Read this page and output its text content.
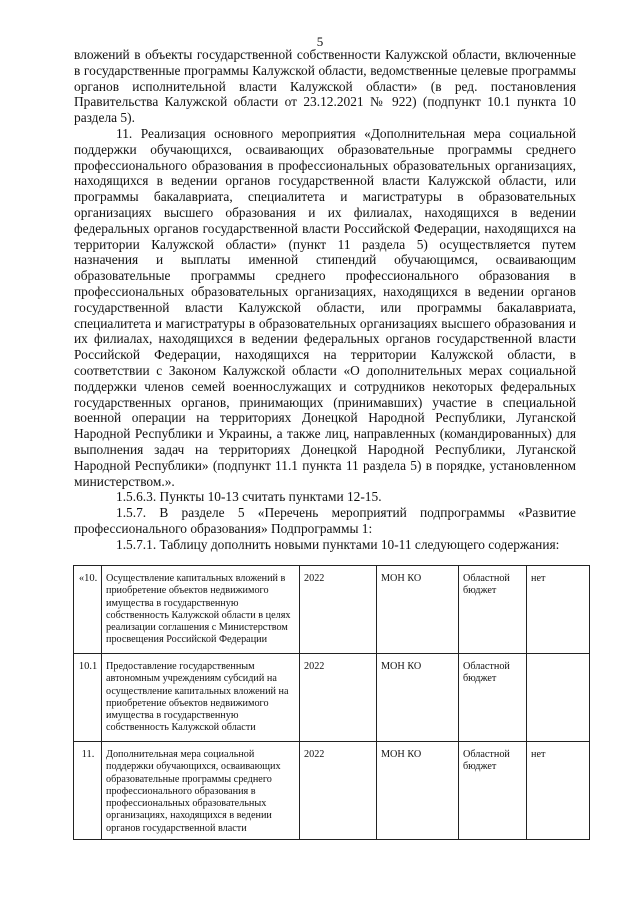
5

вложений в объекты государственной собственности Калужской области, включенные в государственные программы Калужской области, ведомственные целевые программы органов исполнительной власти Калужской области» (в ред. постановления Правительства Калужской области от 23.12.2021 № 922) (подпункт 10.1 пункта 10 раздела 5).

11. Реализация основного мероприятия «Дополнительная мера социальной поддержки обучающихся, осваивающих образовательные программы среднего профессионального образования в профессиональных образовательных организациях, находящихся в ведении органов государственной власти Калужской области, или программы бакалавриата, специалитета и магистратуры в образовательных организациях высшего образования и их филиалах, находящихся в ведении федеральных органов государственной власти Российской Федерации, находящихся на территории Калужской области» (пункт 11 раздела 5) осуществляется путем назначения и выплаты именной стипендий обучающимся, осваивающим образовательные программы среднего профессионального образования в профессиональных образовательных организациях, находящихся в ведении органов государственной власти Калужской области, или программы бакалавриата, специалитета и магистратуры в образовательных организациях высшего образования и их филиалах, находящихся в ведении федеральных органов государственной власти Российской Федерации, находящихся на территории Калужской области, в соответствии с Законом Калужской области «О дополнительных мерах социальной поддержки членов семей военнослужащих и сотрудников некоторых федеральных государственных органов, принимающих (принимавших) участие в специальной военной операции на территориях Донецкой Народной Республики, Луганской Народной Республики и Украины, а также лиц, направленных (командированных) для выполнения задач на территориях Донецкой Народной Республики, Луганской Народной Республики» (подпункт 11.1 пункта 11 раздела 5) в порядке, установленном министерством.».

1.5.6.3. Пункты 10-13 считать пунктами 12-15.

1.5.7. В разделе 5 «Перечень мероприятий подпрограммы «Развитие профессионального образования» Подпрограммы 1:

1.5.7.1. Таблицу дополнить новыми пунктами 10-11 следующего содержания:

«10.	Осуществление капитальных вложений в приобретение объектов недвижимого имущества в государственную собственность Калужской области в целях реализации соглашения с Министерством просвещения Российской Федерации	2022	МОН КО	Областной бюджет	нет
10.1	Предоставление государственным автономным учреждениям субсидий на осуществление капитальных вложений на приобретение объектов недвижимого имущества в государственную собственность Калужской области	2022	МОН КО	Областной бюджет	
11.	Дополнительная мера социальной поддержки обучающихся, осваивающих образовательные программы среднего профессионального образования в профессиональных образовательных организациях, находящихся в ведении органов государственной власти	2022	МОН КО	Областной бюджет	нет
